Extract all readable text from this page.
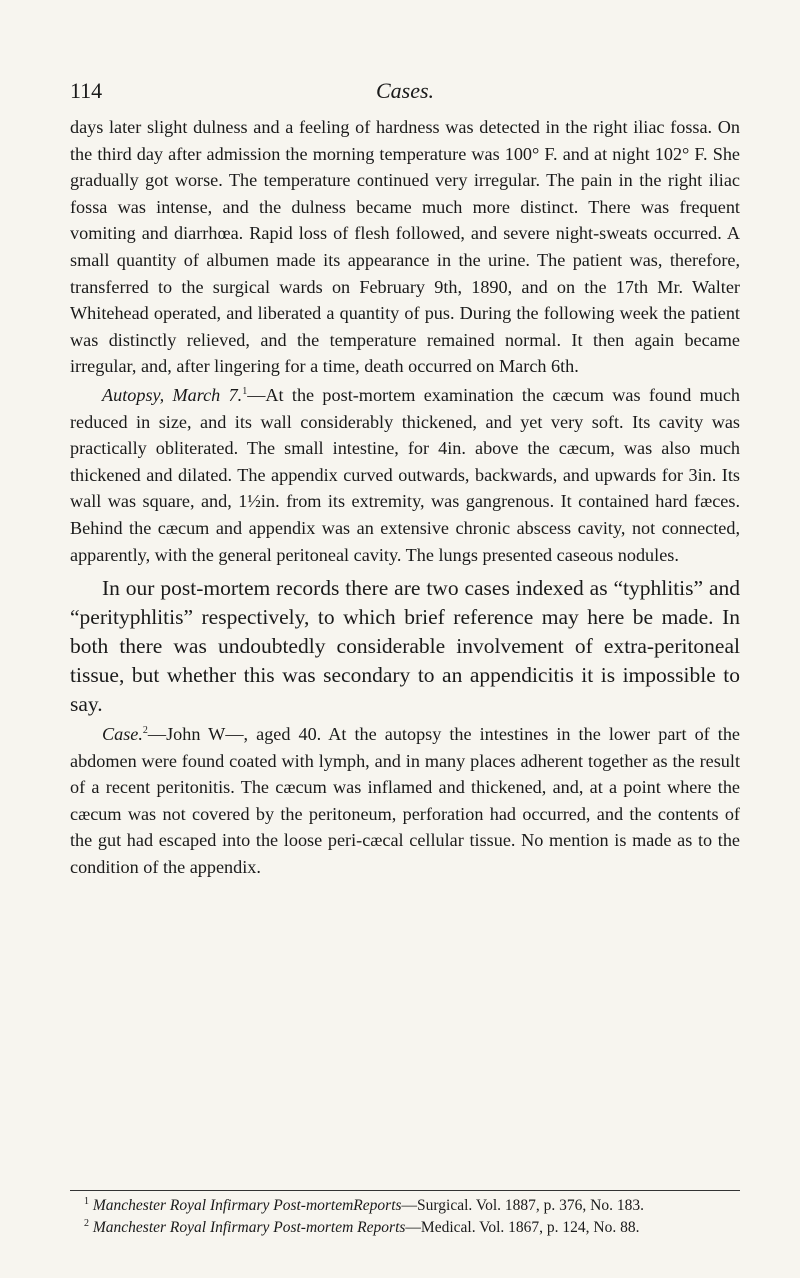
114	Cases.

days later slight dulness and a feeling of hardness was detected in the right iliac fossa. On the third day after admission the morning temperature was 100° F. and at night 102° F. She gradually got worse. The temperature continued very irregular. The pain in the right iliac fossa was intense, and the dulness became much more distinct. There was frequent vomiting and diarrhœa. Rapid loss of flesh followed, and severe night-sweats occurred. A small quantity of albumen made its appearance in the urine. The patient was, therefore, transferred to the surgical wards on February 9th, 1890, and on the 17th Mr. Walter Whitehead operated, and liberated a quantity of pus. During the following week the patient was distinctly relieved, and the temperature remained normal. It then again became irregular, and, after lingering for a time, death occurred on March 6th.

Autopsy, March 7.$^1$—At the post-mortem examination the cæcum was found much reduced in size, and its wall considerably thickened, and yet very soft. Its cavity was practically obliterated. The small intestine, for 4in. above the cæcum, was also much thickened and dilated. The appendix curved outwards, backwards, and upwards for 3in. Its wall was square, and, 1½in. from its extremity, was gangrenous. It contained hard fæces. Behind the cæcum and appendix was an extensive chronic abscess cavity, not connected, apparently, with the general peritoneal cavity. The lungs presented caseous nodules.

In our post-mortem records there are two cases indexed as “typhlitis” and “perityphlitis” respectively, to which brief reference may here be made. In both there was undoubtedly considerable involvement of extra-peritoneal tissue, but whether this was secondary to an appendicitis it is impossible to say.

Case.$^2$—John W—, aged 40. At the autopsy the intestines in the lower part of the abdomen were found coated with lymph, and in many places adherent together as the result of a recent peritonitis. The cæcum was inflamed and thickened, and, at a point where the cæcum was not covered by the peritoneum, perforation had occurred, and the contents of the gut had escaped into the loose peri-cæcal cellular tissue. No mention is made as to the condition of the appendix.

$^1$ Manchester Royal Infirmary Post-mortemReports—Surgical. Vol. 1887, p. 376, No. 183.

$^2$ Manchester Royal Infirmary Post-mortem Reports—Medical. Vol. 1867, p. 124, No. 88.
